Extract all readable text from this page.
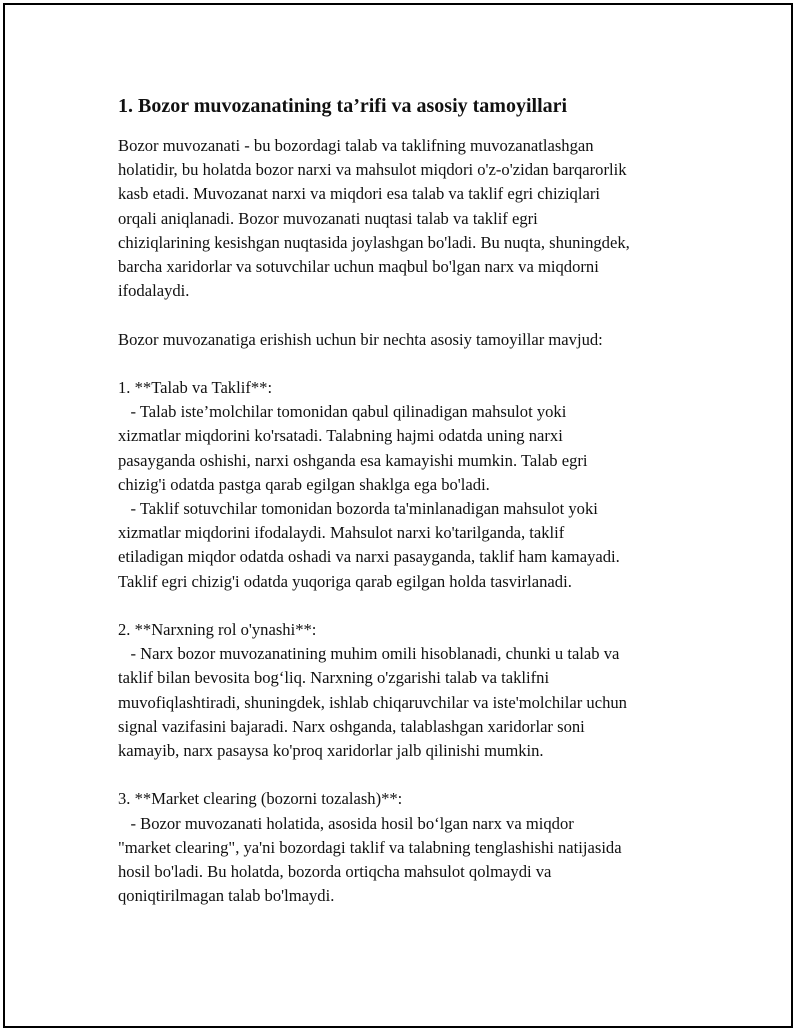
1. Bozor muvozanatining ta’rifi va asosiy tamoyillari

Bozor muvozanati - bu bozordagi talab va taklifning muvozanatlashgan
holatidir, bu holatda bozor narxi va mahsulot miqdori o'z-o'zidan barqarorlik
kasb etadi. Muvozanat narxi va miqdori esa talab va taklif egri chiziqlari
orqali aniqlanadi. Bozor muvozanati nuqtasi talab va taklif egri
chiziqlarining kesishgan nuqtasida joylashgan bo'ladi. Bu nuqta, shuningdek,
barcha xaridorlar va sotuvchilar uchun maqbul bo'lgan narx va miqdorni
ifodalaydi.

Bozor muvozanatiga erishish uchun bir nechta asosiy tamoyillar mavjud:

1. **Talab va Taklif**:
- Talab iste’molchilar tomonidan qabul qilinadigan mahsulot yoki
xizmatlar miqdorini ko'rsatadi. Talabning hajmi odatda uning narxi
pasayganda oshishi, narxi oshganda esa kamayishi mumkin. Talab egri
chizig'i odatda pastga qarab egilgan shaklga ega bo'ladi.
- Taklif sotuvchilar tomonidan bozorda ta'minlanadigan mahsulot yoki
xizmatlar miqdorini ifodalaydi. Mahsulot narxi ko'tarilganda, taklif
etiladigan miqdor odatda oshadi va narxi pasayganda, taklif ham kamayadi.
Taklif egri chizig'i odatda yuqoriga qarab egilgan holda tasvirlanadi.

2. **Narxning rol o'ynashi**:
- Narx bozor muvozanatining muhim omili hisoblanadi, chunki u talab va
taklif bilan bevosita bog‘liq. Narxning o'zgarishi talab va taklifni
muvofiqlashtiradi, shuningdek, ishlab chiqaruvchilar va iste'molchilar uchun
signal vazifasini bajaradi. Narx oshganda, talablashgan xaridorlar soni
kamayib, narx pasaysa ko'proq xaridorlar jalb qilinishi mumkin.

3. **Market clearing (bozorni tozalash)**:
- Bozor muvozanati holatida, asosida hosil bo‘lgan narx va miqdor
"market clearing", ya'ni bozordagi taklif va talabning tenglashishi natijasida
hosil bo'ladi. Bu holatda, bozorda ortiqcha mahsulot qolmaydi va
qoniqtirilmagan talab bo'lmaydi.
